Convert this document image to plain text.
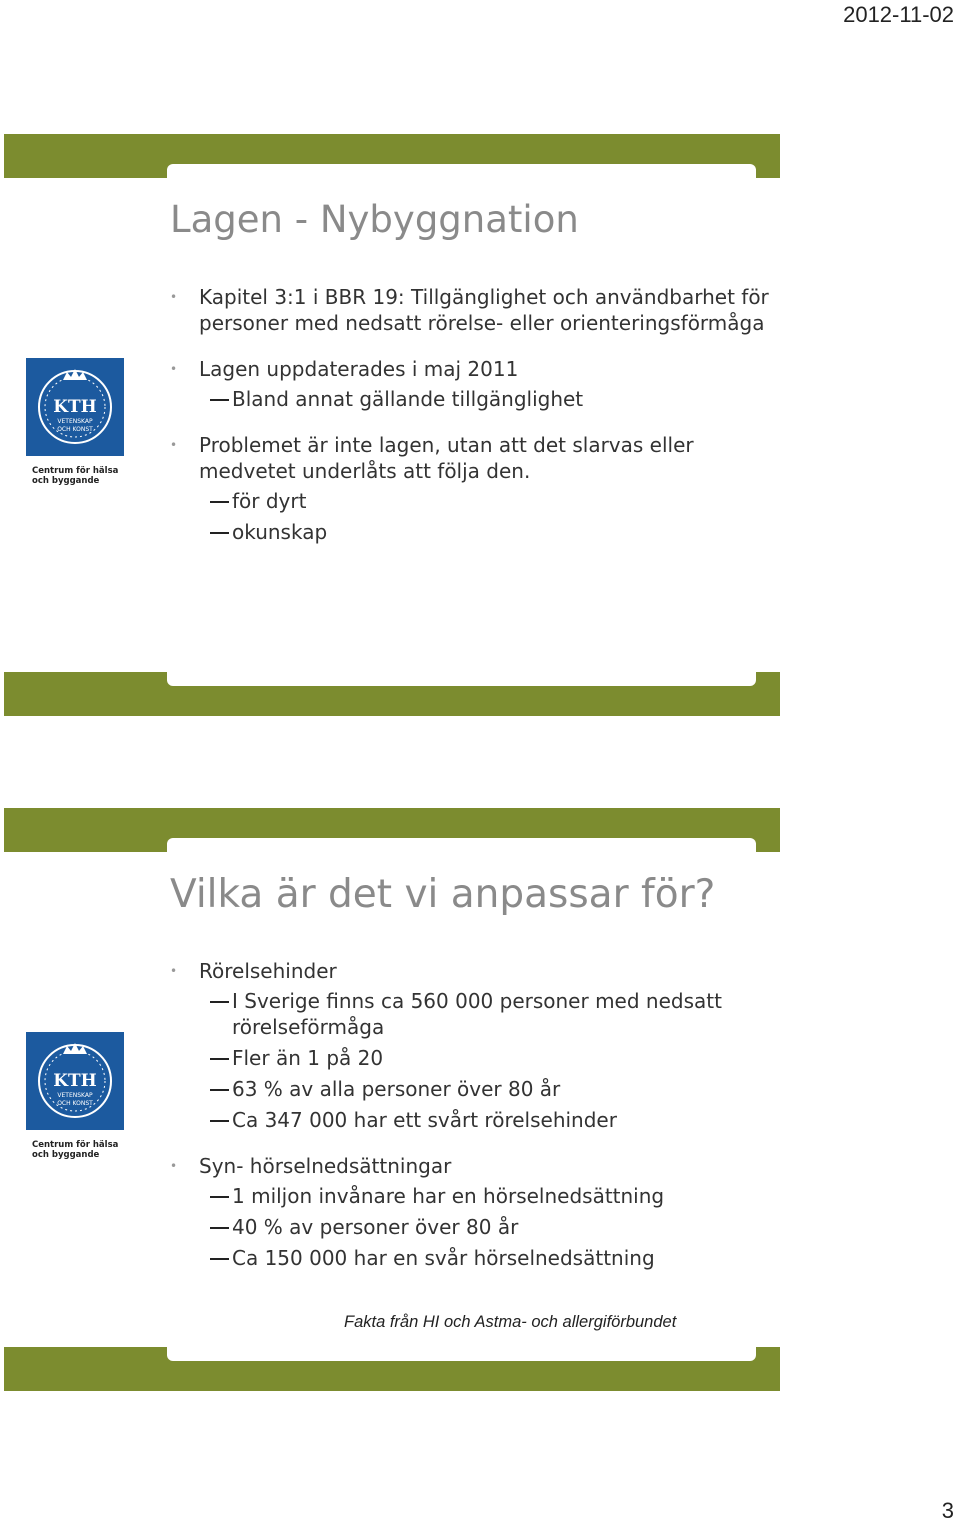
2012-11-02
Lagen - Nybyggnation
KTH
VETENSKAP
OCH KONST
Centrum för hälsa
och byggande
• Kapitel 3:1 i BBR 19: Tillgänglighet och användbarhet för personer med nedsatt rörelse- eller orienteringsförmåga
• Lagen uppdaterades i maj 2011
Bland annat gällande tillgänglighet
• Problemet är inte lagen, utan att det slarvas eller medvetet underlåts att följa den.
för dyrt
okunskap
Vilka är det vi anpassar för?
KTH
VETENSKAP
OCH KONST
Centrum för hälsa
och byggande
• Rörelsehinder
I Sverige finns ca 560 000 personer med nedsatt rörelseförmåga
Fler än 1 på 20
63 % av alla personer över 80 år
Ca 347 000 har ett svårt rörelsehinder
• Syn- hörselnedsättningar
1 miljon invånare har en hörselnedsättning
40 % av personer över 80 år
Ca 150 000 har en svår hörselnedsättning
Fakta från HI och Astma- och allergiförbundet
3
